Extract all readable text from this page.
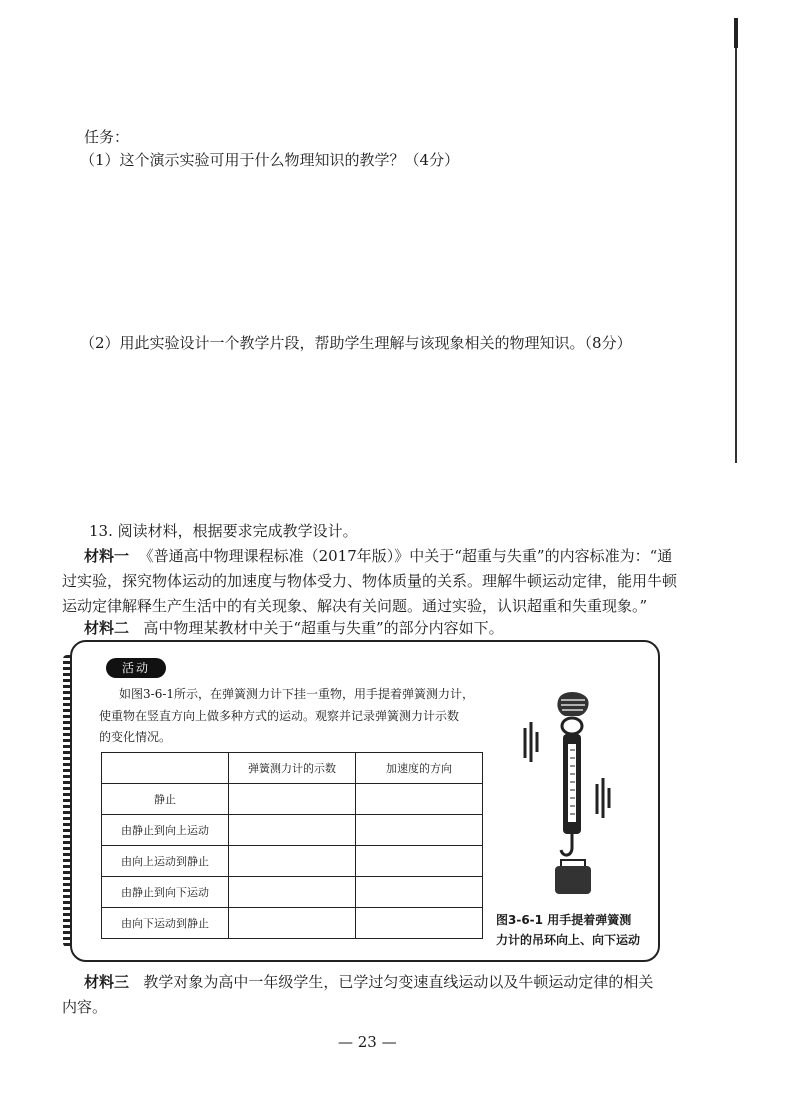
任务：
（1）这个演示实验可用于什么物理知识的教学？（4分）
（2）用此实验设计一个教学片段，帮助学生理解与该现象相关的物理知识。（8分）
13. 阅读材料，根据要求完成教学设计。
材料一 《普通高中物理课程标准（2017年版）》中关于“超重与失重”的内容标准为：“通
过实验，探究物体运动的加速度与物体受力、物体质量的关系。理解牛顿运动定律，能用牛顿
运动定律解释生产生活中的有关现象、解决有关问题。通过实验，认识超重和失重现象。”
材料二 高中物理某教材中关于“超重与失重”的部分内容如下。
活动
如图3-6-1所示，在弹簧测力计下挂一重物，用手提着弹簧测力计，
使重物在竖直方向上做多种方式的运动。观察并记录弹簧测力计示数
的变化情况。
	弹簧测力计的示数	加速度的方向
静止		
由静止到向上运动		
由向上运动到静止		
由静止到向下运动		
由向下运动到静止			图3-6-1 用手提着弹簧测
力计的吊环向上、向下运动
材料三 教学对象为高中一年级学生，已学过匀变速直线运动以及牛顿运动定律的相关
内容。
— 23 —
